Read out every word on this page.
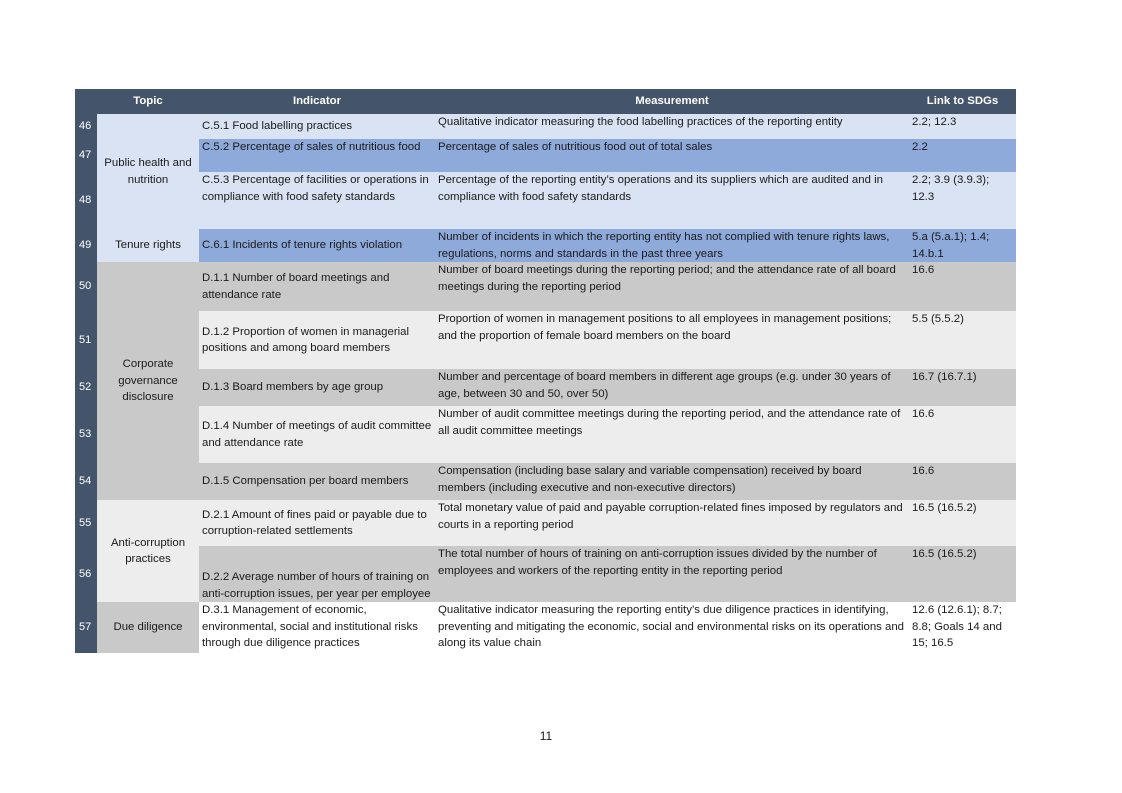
	Topic	Indicator	Measurement	Link to SDGs
46	Public health and nutrition	C.5.1 Food labelling practices	Qualitative indicator measuring the food labelling practices of the reporting entity	2.2; 12.3
47		C.5.2 Percentage of sales of nutritious food	Percentage of sales of nutritious food out of total sales	2.2
48		C.5.3 Percentage of facilities or operations in compliance with food safety standards	Percentage of the reporting entity’s operations and its suppliers which are audited and in compliance with food safety standards	2.2; 3.9 (3.9.3); 12.3
49	Tenure rights	C.6.1 Incidents of tenure rights violation	Number of incidents in which the reporting entity has not complied with tenure rights laws, regulations, norms and standards in the past three years	5.a (5.a.1); 1.4; 14.b.1
50	Corporate governance disclosure	D.1.1 Number of board meetings and attendance rate	Number of board meetings during the reporting period; and the attendance rate of all board meetings during the reporting period	16.6
51		D.1.2 Proportion of women in managerial positions and among board members	Proportion of women in management positions to all employees in management positions; and the proportion of female board members on the board	5.5 (5.5.2)
52		D.1.3 Board members by age group	Number and percentage of board members in different age groups (e.g. under 30 years of age, between 30 and 50, over 50)	16.7 (16.7.1)
53		D.1.4 Number of meetings of audit committee and attendance rate	Number of audit committee meetings during the reporting period, and the attendance rate of all audit committee meetings	16.6
54		D.1.5 Compensation per board members	Compensation (including base salary and variable compensation) received by board members (including executive and non-executive directors)	16.6
55	Anti-corruption practices	D.2.1 Amount of fines paid or payable due to corruption-related settlements	Total monetary value of paid and payable corruption-related fines imposed by regulators and courts in a reporting period	16.5 (16.5.2)
56		D.2.2 Average number of hours of training on anti-corruption issues, per year per employee	The total number of hours of training on anti-corruption issues divided by the number of employees and workers of the reporting entity in the reporting period	16.5 (16.5.2)
57	Due diligence	D.3.1 Management of economic, environmental, social and institutional risks through due diligence practices	Qualitative indicator measuring the reporting entity’s due diligence practices in identifying, preventing and mitigating the economic, social and environmental risks on its operations and along its value chain	12.6 (12.6.1); 8.7; 8.8; Goals 14 and 15; 16.5
11
